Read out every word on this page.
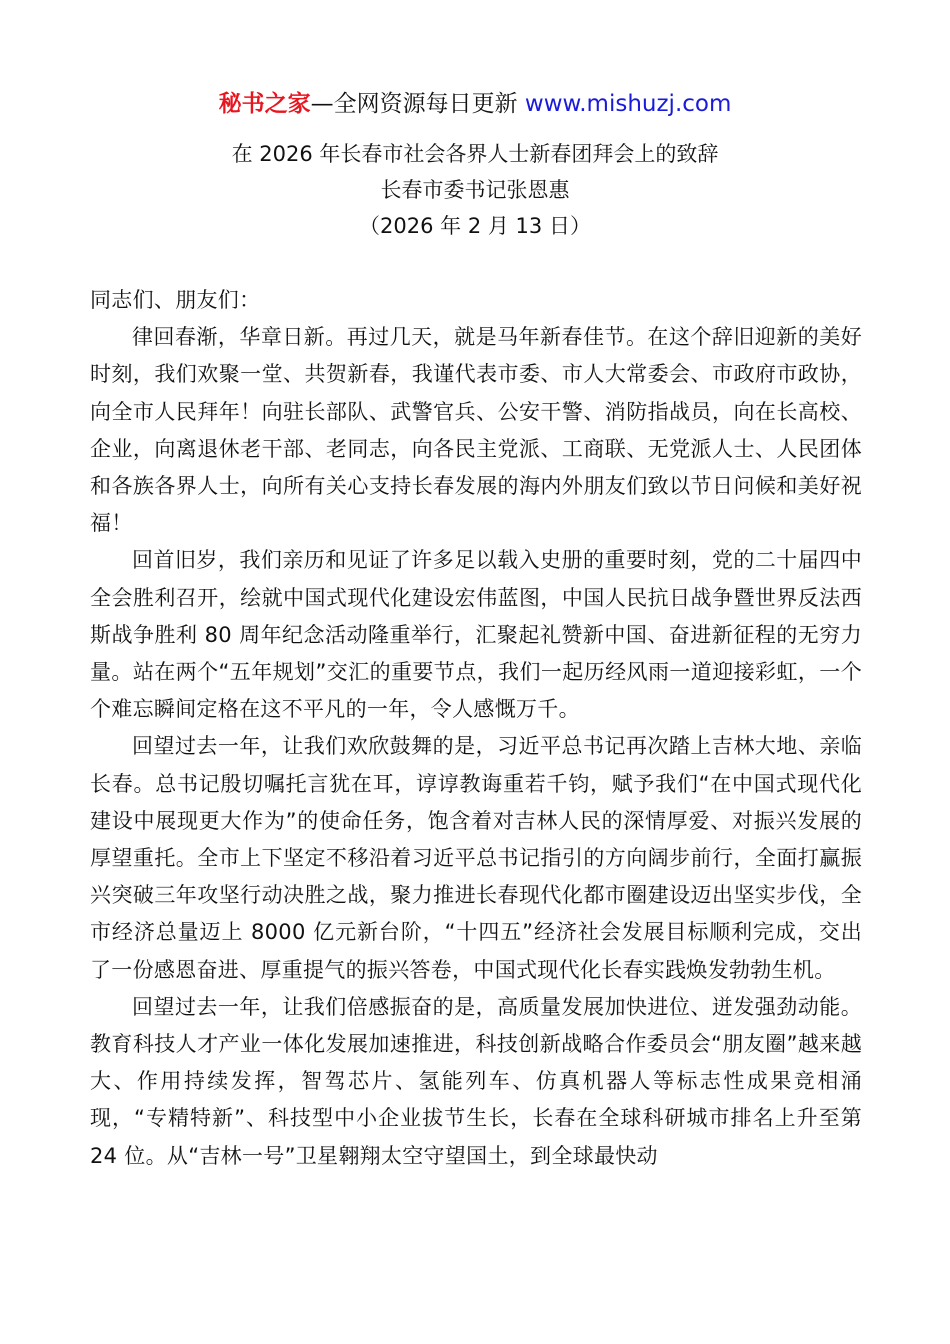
秘书之家—全网资源每日更新 www.mishuzj.com
在 2026 年长春市社会各界人士新春团拜会上的致辞
长春市委书记张恩惠
（2026 年 2 月 13 日）

同志们、朋友们：

律回春渐，华章日新。再过几天，就是马年新春佳节。在这个辞旧迎新的美好时刻，我们欢聚一堂、共贺新春，我谨代表市委、市人大常委会、市政府市政协，向全市人民拜年！向驻长部队、武警官兵、公安干警、消防指战员，向在长高校、企业，向离退休老干部、老同志，向各民主党派、工商联、无党派人士、人民团体和各族各界人士，向所有关心支持长春发展的海内外朋友们致以节日问候和美好祝福！

回首旧岁，我们亲历和见证了许多足以载入史册的重要时刻，党的二十届四中全会胜利召开，绘就中国式现代化建设宏伟蓝图，中国人民抗日战争暨世界反法西斯战争胜利 80 周年纪念活动隆重举行，汇聚起礼赞新中国、奋进新征程的无穷力量。站在两个“五年规划”交汇的重要节点，我们一起历经风雨一道迎接彩虹，一个个难忘瞬间定格在这不平凡的一年，令人感慨万千。

回望过去一年，让我们欢欣鼓舞的是，习近平总书记再次踏上吉林大地、亲临长春。总书记殷切嘱托言犹在耳，谆谆教诲重若千钧，赋予我们“在中国式现代化建设中展现更大作为”的使命任务，饱含着对吉林人民的深情厚爱、对振兴发展的厚望重托。全市上下坚定不移沿着习近平总书记指引的方向阔步前行，全面打赢振兴突破三年攻坚行动决胜之战，聚力推进长春现代化都市圈建设迈出坚实步伐，全市经济总量迈上 8000 亿元新台阶，“十四五”经济社会发展目标顺利完成，交出了一份感恩奋进、厚重提气的振兴答卷，中国式现代化长春实践焕发勃勃生机。

回望过去一年，让我们倍感振奋的是，高质量发展加快进位、迸发强劲动能。教育科技人才产业一体化发展加速推进，科技创新战略合作委员会“朋友圈”越来越大、作用持续发挥，智驾芯片、氢能列车、仿真机器人等标志性成果竞相涌现，“专精特新”、科技型中小企业拔节生长，长春在全球科研城市排名上升至第 24 位。从“吉林一号”卫星翱翔太空守望国土，到全球最快动
